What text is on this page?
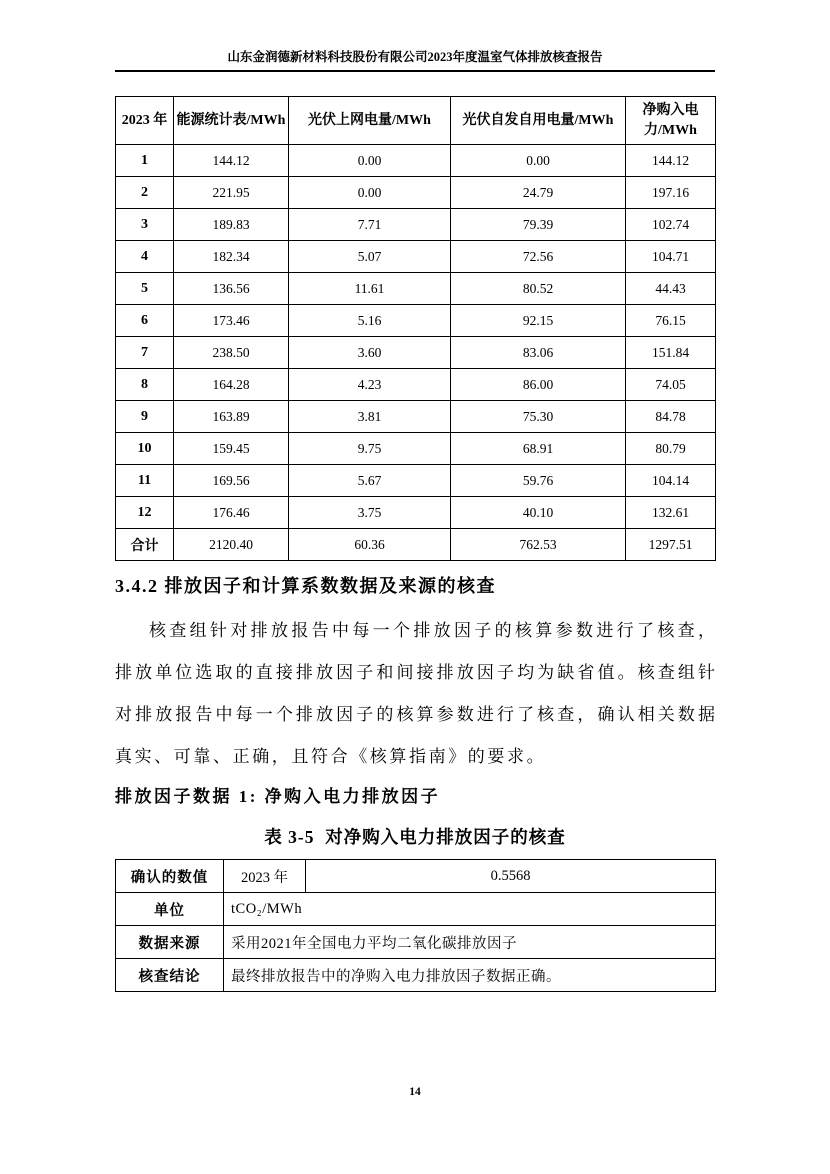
山东金润德新材料科技股份有限公司2023年度温室气体排放核查报告
2023 年	能源统计表/MWh	光伏上网电量/MWh	光伏自发自用电量/MWh	净购入电力/MWh
1	144.12	0.00	0.00	144.12
2	221.95	0.00	24.79	197.16
3	189.83	7.71	79.39	102.74
4	182.34	5.07	72.56	104.71
5	136.56	11.61	80.52	44.43
6	173.46	5.16	92.15	76.15
7	238.50	3.60	83.06	151.84
8	164.28	4.23	86.00	74.05
9	163.89	3.81	75.30	84.78
10	159.45	9.75	68.91	80.79
11	169.56	5.67	59.76	104.14
12	176.46	3.75	40.10	132.61
合计	2120.40	60.36	762.53	1297.51
3.4.2 排放因子和计算系数数据及来源的核查
核查组针对排放报告中每一个排放因子的核算参数进行了核查，
排放单位选取的直接排放因子和间接排放因子均为缺省值。核查组针
对排放报告中每一个排放因子的核算参数进行了核查，确认相关数据
真实、可靠、正确，且符合《核算指南》的要求。
排放因子数据 1: 净购入电力排放因子
表 3-5  对净购入电力排放因子的核查
确认的数值	2023 年	0.5568
单位	tCO₂/MWh	
数据来源	采用2021年全国电力平均二氧化碳排放因子	
核查结论	最终排放报告中的净购入电力排放因子数据正确。	
14
